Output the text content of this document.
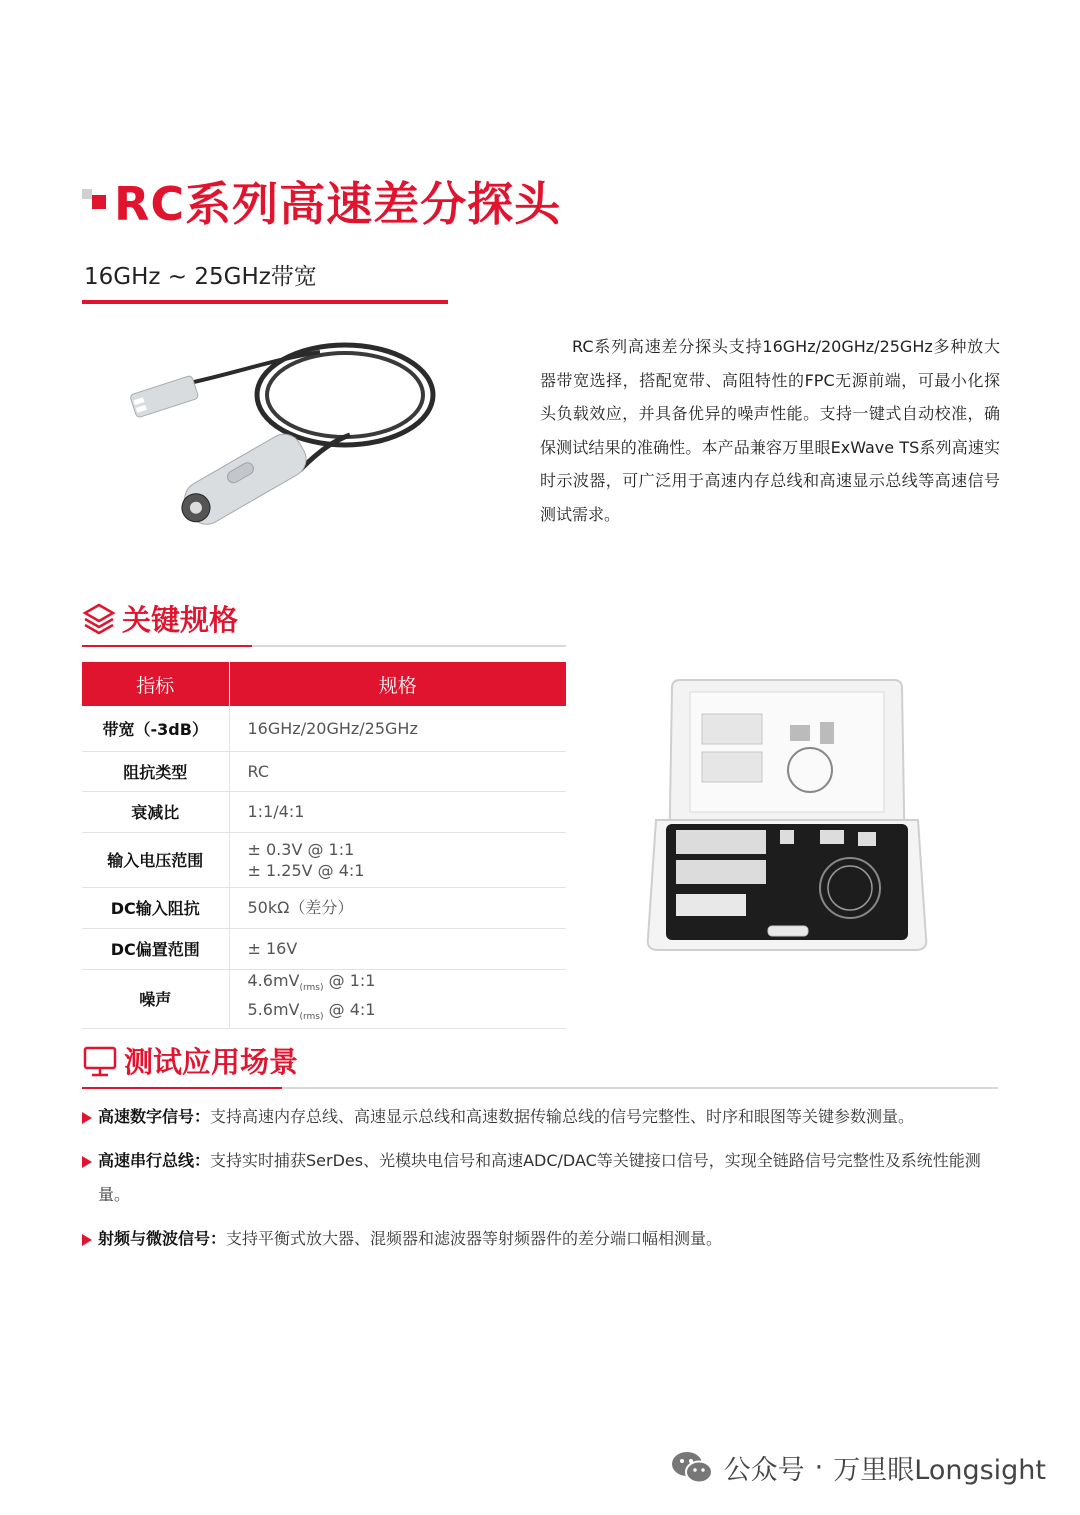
RC系列高速差分探头
16GHz ~ 25GHz带宽

RC系列高速差分探头支持16GHz/20GHz/25GHz多种放大器带宽选择，搭配宽带、高阻特性的FPC无源前端，可最小化探头负载效应，并具备优异的噪声性能。支持一键式自动校准，确保测试结果的准确性。本产品兼容万里眼ExWave TS系列高速实时示波器，可广泛用于高速内存总线和高速显示总线等高速信号测试需求。

关键规格
指标	规格
带宽（-3dB）	16GHz/20GHz/25GHz
阻抗类型	RC
衰减比	1:1/4:1
输入电压范围	± 0.3V @ 1:1
± 1.25V @ 4:1

DC输入阻抗	50kΩ（差分）
DC偏置范围	± 16V
噪声	$4.6mV_{(rms)}$ @ 1:1
$5.6mV_{(rms)}$ @ 4:1
测试应用场景
高速数字信号：支持高速内存总线、高速显示总线和高速数据传输总线的信号完整性、时序和眼图等关键参数测量。
高速串行总线：支持实时捕获SerDes、光模块电信号和高速ADC/DAC等关键接口信号，实现全链路信号完整性及系统性能测量。
射频与微波信号：支持平衡式放大器、混频器和滤波器等射频器件的差分端口幅相测量。
公众号 · 万里眼Longsight
